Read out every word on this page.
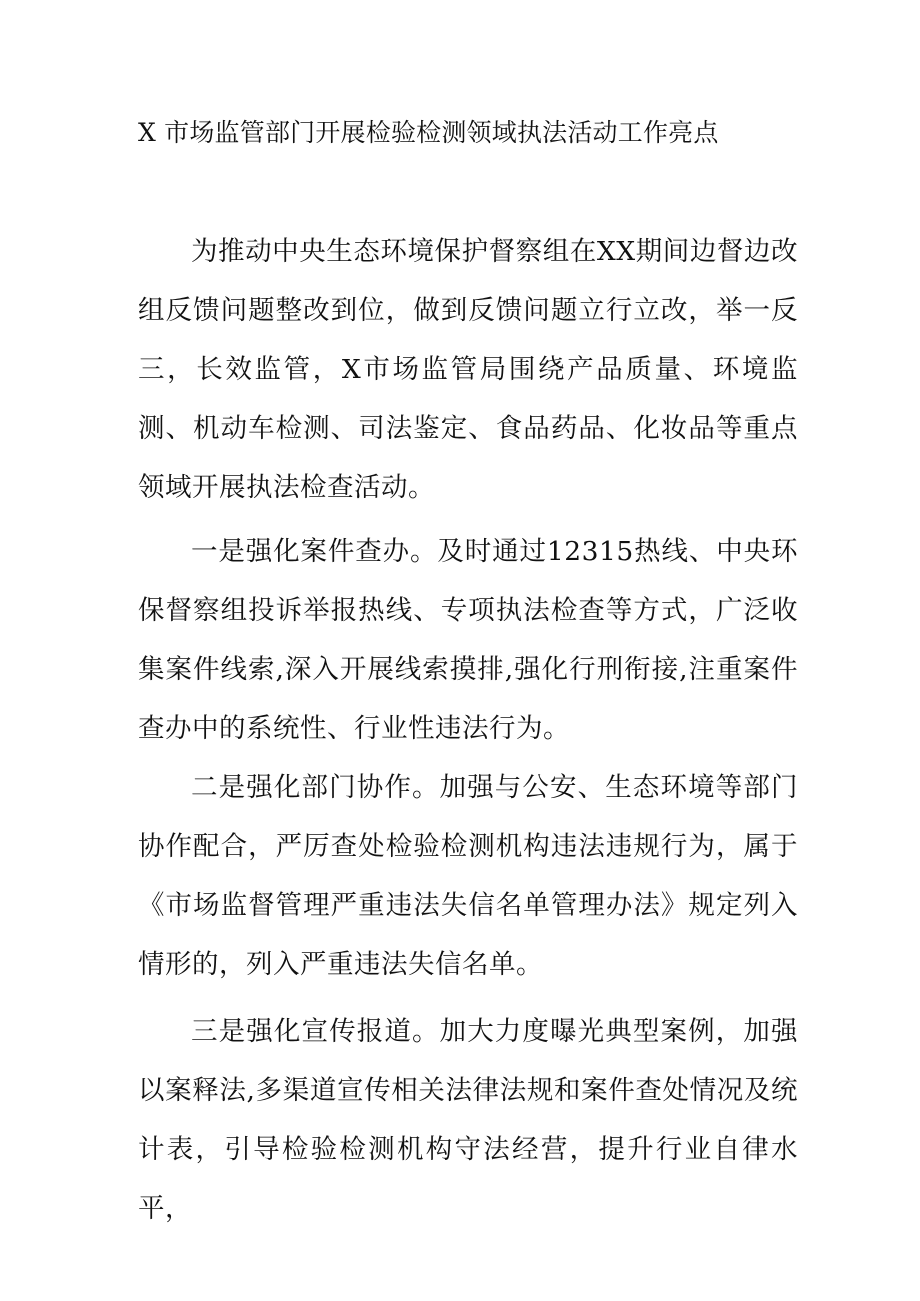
X 市场监管部门开展检验检测领域执法活动工作亮点

为推动中央生态环境保护督察组在XX期间边督边改组反馈问题整改到位，做到反馈问题立行立改，举一反三，长效监管，X市场监管局围绕产品质量、环境监测、机动车检测、司法鉴定、食品药品、化妆品等重点领域开展执法检查活动。

一是强化案件查办。及时通过12315热线、中央环保督察组投诉举报热线、专项执法检查等方式，广泛收集案件线索,深入开展线索摸排,强化行刑衔接,注重案件查办中的系统性、行业性违法行为。

二是强化部门协作。加强与公安、生态环境等部门协作配合，严厉查处检验检测机构违法违规行为，属于《市场监督管理严重违法失信名单管理办法》规定列入情形的，列入严重违法失信名单。

三是强化宣传报道。加大力度曝光典型案例，加强以案释法,多渠道宣传相关法律法规和案件查处情况及统计表，引导检验检测机构守法经营，提升行业自律水平，
